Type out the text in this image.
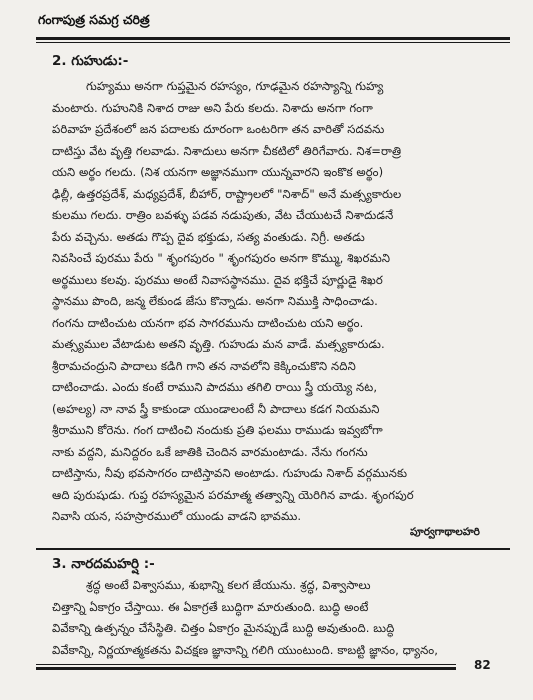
గంగాపుత్ర సమగ్ర చరిత్ర
2. గుహుడు:-
గుహ్యము అనగా గుప్తమైన రహస్యం, గూఢమైన రహస్యాన్ని గుహ్య
మంటారు. గుహునికి నిశాద రాజు అని పేరు కలదు. నిశాదు అనగా గంగా
పరివాహ ప్రదేశంలో జన పదాలకు దూరంగా ఒంటరిగా తన వారితో సదవను
దాటిస్తు వేట వృత్తి గలవాడు. నిశాదులు అనగా చీకటిలో తిరిగేవారు. నిశ=రాత్రి
యని అర్థం గలదు. (నిశ యనగా అజ్ఞానముగా యున్నవారని ఇంకొక అర్థం)
ఢిల్లీ, ఉత్తరప్రదేశ్, మధ్యప్రదేశ్, బీహార్, రాష్ట్రాలలో "నిశాద్" అనే మత్స్యకారుల
కులము గలదు. రాత్రిం బవళ్ళు పడవ నడుపుతు, వేట చేయుటచే నిశాదుడనే
పేరు వచ్చెను. అతడు గొప్ప దైవ భక్తుడు, సత్య వంతుడు. నిగ్రీ. అతడు
నివసించే పురము పేరు " శృంగపురం " శృంగపురం అనగా కొమ్ము, శిఖరమని
అర్థములు కలవు. పురము అంటే నివాసస్థానము. దైవ భక్తిచే పూర్ణుడై శిఖర
స్థానము పొంది, జన్మ లేకుండ జేసు కొన్నాడు. అనగా నిముక్తి సాధించాడు.
గంగను దాటించుట యనగా భవ సాగరమును దాటించుట యని అర్థం.
మత్స్యముల వేటాడుట అతని వృత్తి. గుహుడు మన వాడే. మత్స్యకారుడు.
శ్రీరామచంద్రుని పాదాలు కడిగి గాని తన నావలోని కెక్కించుకొని నదిని
దాటించాడు. ఎందు కంటే రాముని పాదము తగిలి రాయి స్త్రీ యయ్యె నట,
(అహల్య) నా నావ స్త్రీ కాకుండా యుండాలంటే నీ పాదాలు కడగ నియమని
శ్రీరాముని కోరెను. గంగ దాటించి నందుకు ప్రతి ఫలము రాముడు ఇవ్వబోగా
నాకు వద్దని, మనిద్దరం ఒకే జాతికి చెందిన వారమంటాడు. నేను గంగను
దాటిస్తాను, నీవు భవసాగరం దాటిస్తావని అంటాడు. గుహుడు నిశాద్ వర్గమునకు
ఆది పురుషుడు. గుప్త రహస్యమైన పరమాత్మ తత్వాన్ని యెరిగిన వాడు. శృంగపుర
నివాసి యన, సహస్రారములో యుండు వాడని భావము.
పూర్వగాథాలహరి
3. నారదమహర్షి :-
శ్రద్ధ అంటే విశ్వాసము, శుభాన్ని కలగ జేయును. శ్రద్ధ, విశ్వాసాలు
చిత్తాన్ని ఏకాగ్రం చేస్తాయి. ఈ ఏకాగ్రతే బుద్ధిగా మారుతుంది. బుద్ధి అంటే
వివేకాన్ని ఉత్పన్నం చేసేస్థితి. చిత్తం ఏకాగ్రం మైనప్పుడే బుద్ధి అవుతుంది. బుద్ధి
వివేకాన్ని, నిర్ణయాత్మకతను విచక్షణ జ్ఞానాన్ని గలిగి యుంటుంది. కాబట్టి జ్ఞానం, ధ్యానం,
82
